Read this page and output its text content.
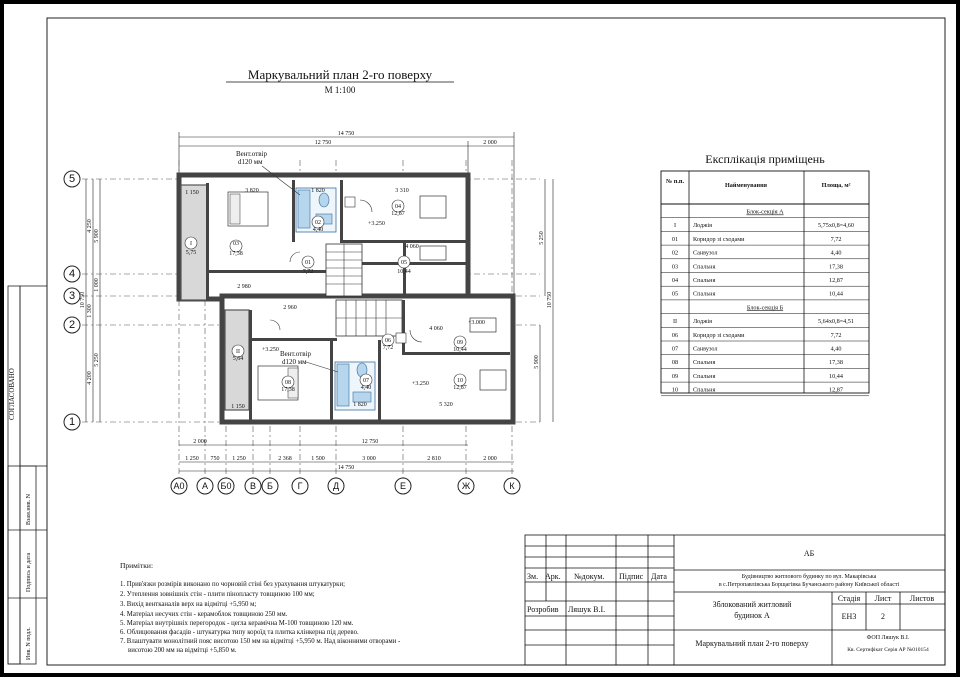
СОГЛАСОВАНО
Взам.инв. N
Подпись и дата
Инв. N подл.
Маркувальний план 2-го поверху
М 1:100
14 750
12 750	2 000
10 750
4 250
5 900
1 000
1 300
5 250
4 200
5 250
10 750
5 900
I	03
02
01
04
05
II
06
07
08
09
10
5,75	17,38
4,40
7,72
12,87
10,44
5,64
7,72
4,40
17,38
10,44
12,87
+3.250
+3.250
+3.000
+3.250
3 820	1 820	3 310
4 060
2 980
2 960
4 060
1 820	5 320
1 150
1 150
Вент.отвір
d120 мм
Вент.отвір
d120 мм
2 000	12 750
14 750
1 250 750 1 250	2 368	1 500	3 000	2 810	2 000
5
4
3
2
1
А0 А Б0 В Б	Г	Д	Е	Ж	К
Експлікація приміщень
№ п.п.
Найменування	Площа, м²
Блок-секція А
I	Лоджія	5,75х0,8=4,60
01 Коридор зі сходами	7,72
02 Санвузол	4,40
03 Спальня	17,38
04 Спальня	12,87
05 Спальня	10,44
Блок-секція Б
II	Лоджія	5,64х0,8=4,51
06 Коридор зі сходами	7,72
07 Санвузол	4,40
08 Спальня	17,38
09 Спальня	10,44
10 Спальня	12,87
Примітки:
1. Прив'язки розмірів виконано по чорновій стіні без урахування штукатурки;
2. Утеплення зовнішніх стін - плити пінопласту товщиною 100 мм;
3. Вихід вентканалів верх на відмітці +5,950 м;
4. Матеріал несучих стін - керамоблок товщиною 250 мм.
5. Матеріал внутрішніх перегородок - цегла керамічна М-100 товщиною 120 мм.
6. Облицювання фасадів - штукатурка типу короїд та плитка клінкерна під дерево.
7. Влаштувати монолітний пояс висотою 150 мм на відмітці +5,950 м. Над віконними отворами -
висотою 200 мм на відмітці +5,850 м.
Зм. Арк. №докум. Підпис Дата
Розробив Ляшук В.І.
АБ
Будівництво житлового будинку по вул. Макарівська
в с.Петропавлівська Борщагівка Бучанського району Київської області
Зблокований житловий
будинок А
Стадія Лист Листов
ЕН3	2
Маркувальний план 2-го поверху
ФОП Ляшук В.І.
Кв. Сертифікат Серія АР №010154
